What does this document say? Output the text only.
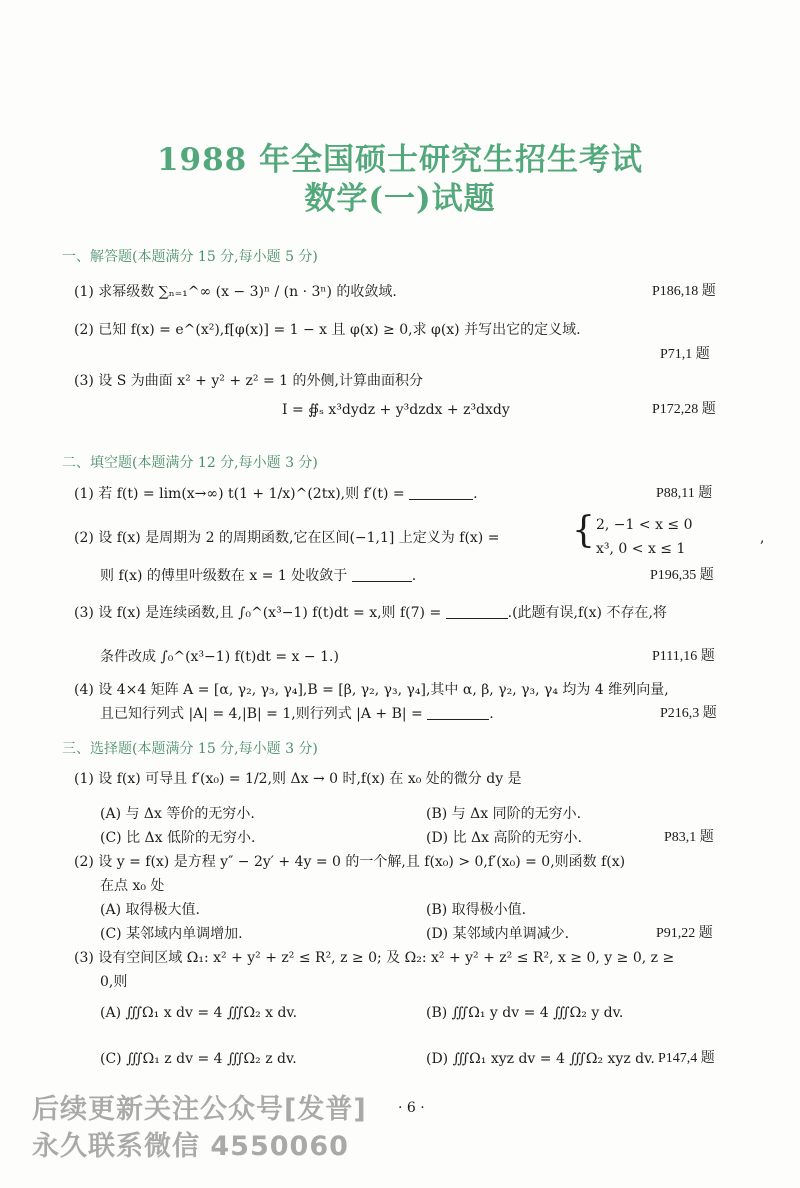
1988 年全国硕士研究生招生考试
数学(一)试题

一、解答题(本题满分 15 分,每小题 5 分)

(1) 求幂级数 ∑ₙ₌₁^∞ (x − 3)ⁿ / (n · 3ⁿ) 的收敛域.	P186,18 题
(2) 已知 f(x) = e^(x²),f[φ(x)] = 1 − x 且 φ(x) ≥ 0,求 φ(x) 并写出它的定义域.
P71,1 题
(3) 设 S 为曲面 x² + y² + z² = 1 的外侧,计算曲面积分
I = ∯ₛ x³dydz + y³dzdx + z³dxdy	P172,28 题

二、填空题(本题满分 12 分,每小题 3 分)

(1) 若 f(t) = lim(x→∞) t(1 + 1/x)^(2tx),则 f′(t) =	.	P88,11 题
(2) 设 f(x) 是周期为 2 的周期函数,它在区间(−1,1] 上定义为 f(x) = { 2, −1 < x ≤ 0
x³, 0 < x ≤ 1
,
则 f(x) 的傅里叶级数在 x = 1 处收敛于	.	P196,35 题
(3) 设 f(x) 是连续函数,且 ∫₀^(x³−1) f(t)dt = x,则 f(7) =	.(此题有误,f(x) 不存在,将
条件改成 ∫₀^(x³−1) f(t)dt = x − 1.)	P111,16 题
(4) 设 4×4 矩阵 A = [α, γ₂, γ₃, γ₄],B = [β, γ₂, γ₃, γ₄],其中 α, β, γ₂, γ₃, γ₄ 均为 4 维列向量,
且已知行列式 |A| = 4,|B| = 1,则行列式 |A + B| =	.	P216,3 题

三、选择题(本题满分 15 分,每小题 3 分)

(1) 设 f(x) 可导且 f′(x₀) = 1/2,则 Δx → 0 时,f(x) 在 x₀ 处的微分 dy 是
(A) 与 Δx 等价的无穷小.	(B) 与 Δx 同阶的无穷小.
(C) 比 Δx 低阶的无穷小.	(D) 比 Δx 高阶的无穷小.	P83,1 题
(2) 设 y = f(x) 是方程 y″ − 2y′ + 4y = 0 的一个解,且 f(x₀) > 0,f′(x₀) = 0,则函数 f(x)
在点 x₀ 处
(A) 取得极大值.	(B) 取得极小值.
(C) 某邻域内单调增加.	(D) 某邻域内单调减少.	P91,22 题
(3) 设有空间区域 Ω₁: x² + y² + z² ≤ R², z ≥ 0; 及 Ω₂: x² + y² + z² ≤ R², x ≥ 0, y ≥ 0, z ≥
0,则
(A) ∭Ω₁ x dv = 4 ∭Ω₂ x dv.	(B) ∭Ω₁ y dv = 4 ∭Ω₂ y dv.
(C) ∭Ω₁ z dv = 4 ∭Ω₂ z dv.	(D) ∭Ω₁ xyz dv = 4 ∭Ω₂ xyz dv. P147,4 题
· 6 ·
后续更新关注公众号[发普]
永久联系微信 4550060
